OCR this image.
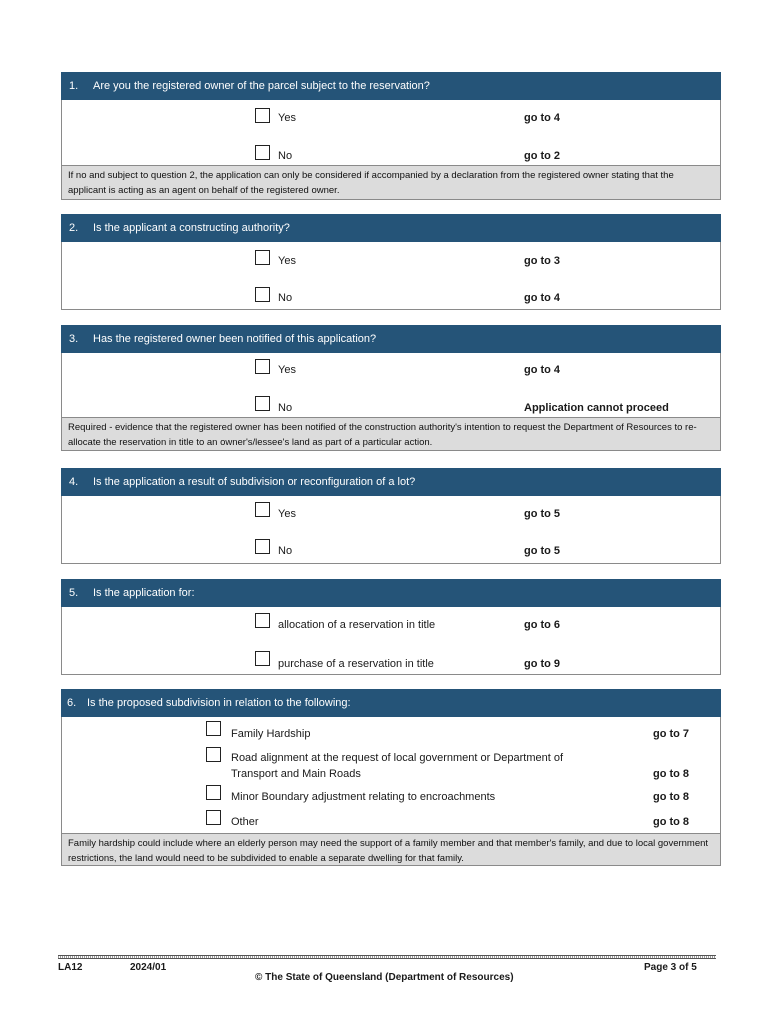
1.	Are you the registered owner of the parcel subject to the reservation?
Yes	go to 4
No	go to 2
If no and subject to question 2, the application can only be considered if accompanied by a declaration from the registered owner stating that the applicant is acting as an agent on behalf of the registered owner.
2.	Is the applicant a constructing authority?
Yes	go to 3
No	go to 4
3.	Has the registered owner been notified of this application?
Yes	go to 4
No	Application cannot proceed
Required - evidence that the registered owner has been notified of the construction authority's intention to request the Department of Resources to re-allocate the reservation in title to an owner's/lessee's land as part of a particular action.
4.	Is the application a result of subdivision or reconfiguration of a lot?
Yes	go to 5
No	go to 5
5.	Is the application for:
allocation of a reservation in title	go to 6
purchase of a reservation in title	go to 9
6. Is the proposed subdivision in relation to the following:
Family Hardship	go to 7
Road alignment at the request of local government or Department of
Transport and Main Roads	go to 8
Minor Boundary adjustment relating to encroachments	go to 8
Other	go to 8
Family hardship could include where an elderly person may need the support of a family member and that member's family, and due to local government restrictions, the land would need to be subdivided to enable a separate dwelling for that family.
LA12	2024/01
© The State of Queensland (Department of Resources)
Page 3 of 5
